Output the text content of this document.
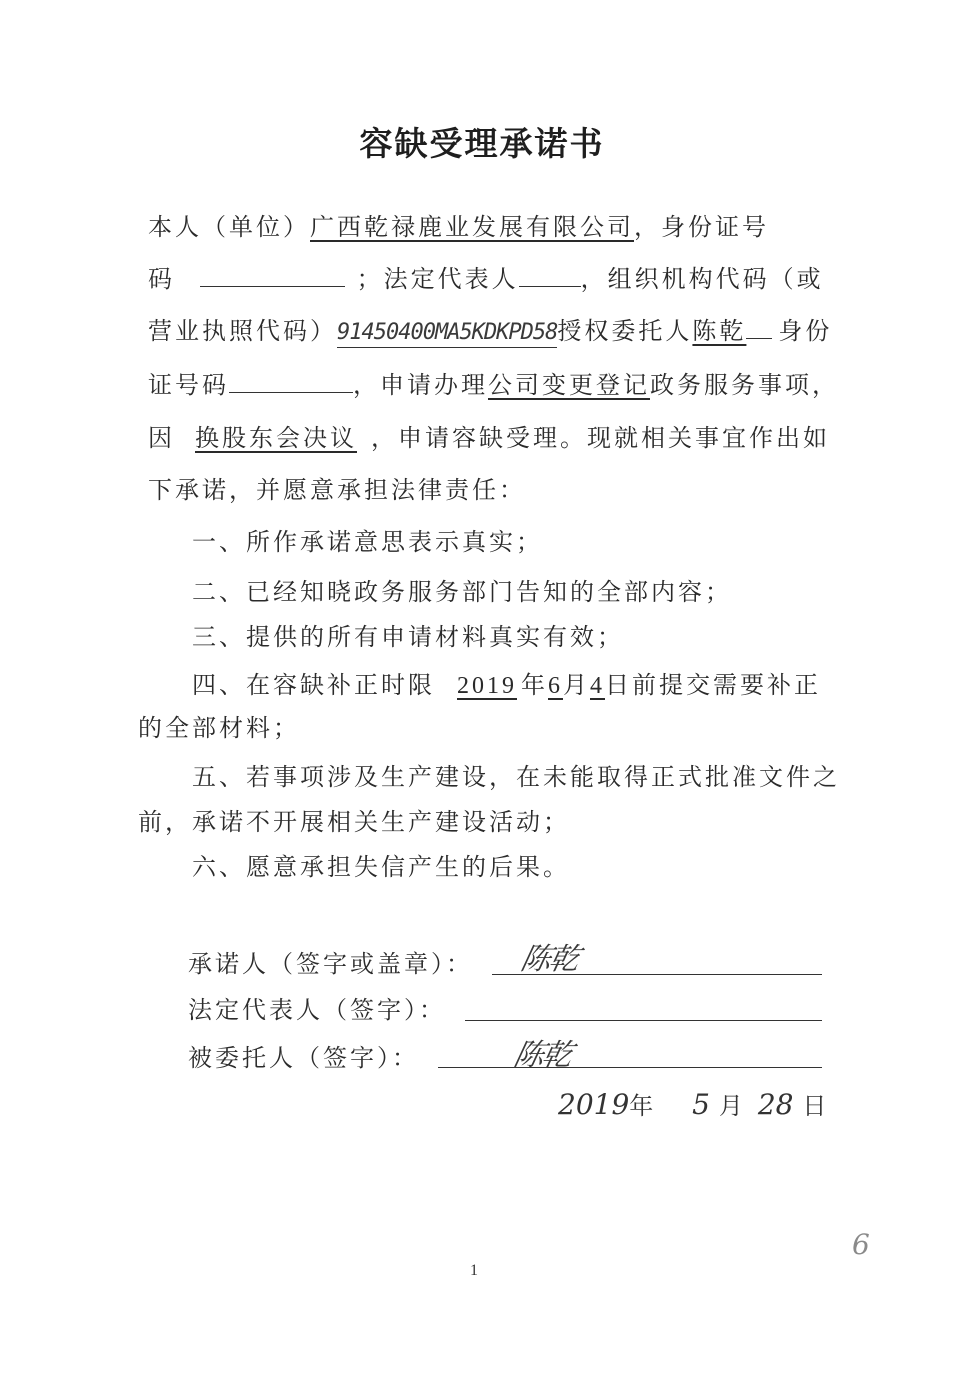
容缺受理承诺书
本人（单位）广西乾禄鹿业发展有限公司，身份证号
码	；法定代表人	，组织机构代码（或
营业执照代码）91450400MA5KDKPD58授权委托人陈乾 身份
证号码	，申请办理公司变更登记政务服务事项，
因 换股东会决议 ，申请容缺受理。现就相关事宜作出如
下承诺，并愿意承担法律责任：
一、所作承诺意思表示真实；
二、已经知晓政务服务部门告知的全部内容；
三、提供的所有申请材料真实有效；
四、在容缺补正时限 2019 年6月4日前提交需要补正
的全部材料；
五、若事项涉及生产建设，在未能取得正式批准文件之
前，承诺不开展相关生产建设活动；
六、愿意承担失信产生的后果。
承诺人（签字或盖章）： 陈乾
法定代表人（签字）：
被委托人（签字）：	陈乾
2019年 5 月 28 日
6
1
